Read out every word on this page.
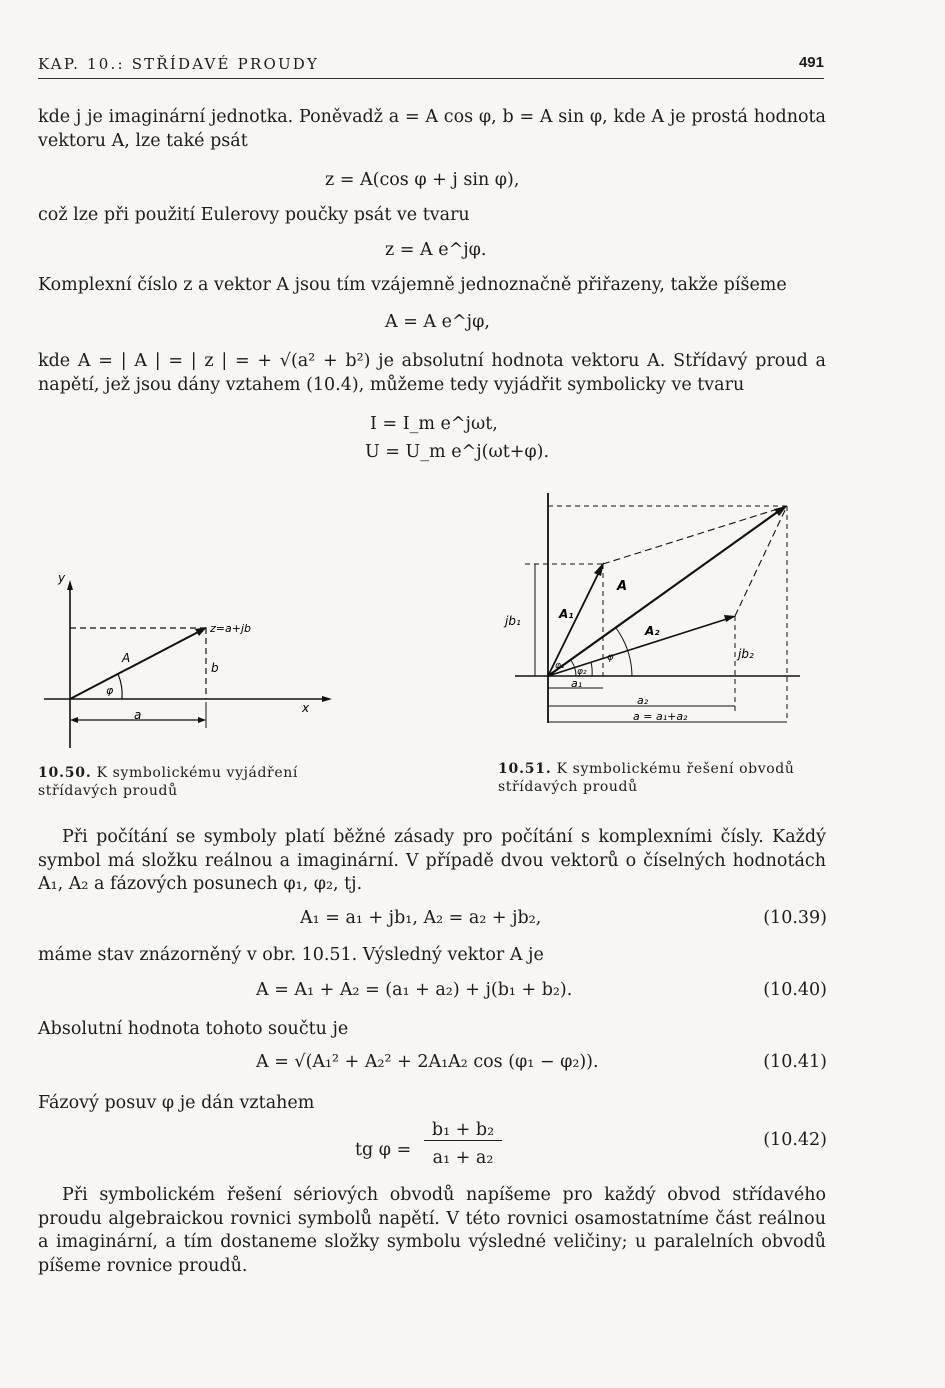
KAP. 10.: STŘÍDAVÉ PROUDY	491

kde j je imaginární jednotka. Poněvadž a = A cos φ, b = A sin φ, kde A je prostá hodnota vektoru A, lze také psát

z = A(cos φ + j sin φ),

což lze při použití Eulerovy poučky psát ve tvaru

z = A e^jφ.

Komplexní číslo z a vektor A jsou tím vzájemně jednoznačně přiřazeny, takže píšeme

A = A e^jφ,

kde A = | A | = | z | = + √(a² + b²) je absolutní hodnota vektoru A. Střídavý proud a napětí, jež jsou dány vztahem (10.4), můžeme tedy vyjádřit symbolicky ve tvaru

I = I_m e^jωt,
U = U_m e^j(ωt+φ).
y
x
z=a+jb
A
φ
b
a
10.50. K symbolickému vyjádření střídavých proudů
A
A₁
A₂
jb₁
jb₂
φ
φ₁
φ₂
a₁
a₂
a = a₁+a₂
10.51. K symbolickému řešení obvodů střídavých proudů

Při počítání se symboly platí běžné zásady pro počítání s komplexními čísly. Každý symbol má složku reálnou a imaginární. V případě dvou vektorů o číselných hodnotách A₁, A₂ a fázových posunech φ₁, φ₂, tj.

A₁ = a₁ + jb₁, A₂ = a₂ + jb₂,	(10.39)

máme stav znázorněný v obr. 10.51. Výsledný vektor A je

A = A₁ + A₂ = (a₁ + a₂) + j(b₁ + b₂).	(10.40)

Absolutní hodnota tohoto součtu je

A = √(A₁² + A₂² + 2A₁A₂ cos (φ₁ − φ₂)).	(10.41)

Fázový posuv φ je dán vztahem

tg φ =
b₁ + b₂
a₁ + a₂
(10.42)

Při symbolickém řešení sériových obvodů napíšeme pro každý obvod střídavého proudu algebraickou rovnici symbolů napětí. V této rovnici osamostatníme část reálnou a imaginární, a tím dostaneme složky symbolu výsledné veličiny; u paralelních obvodů píšeme rovnice proudů.
